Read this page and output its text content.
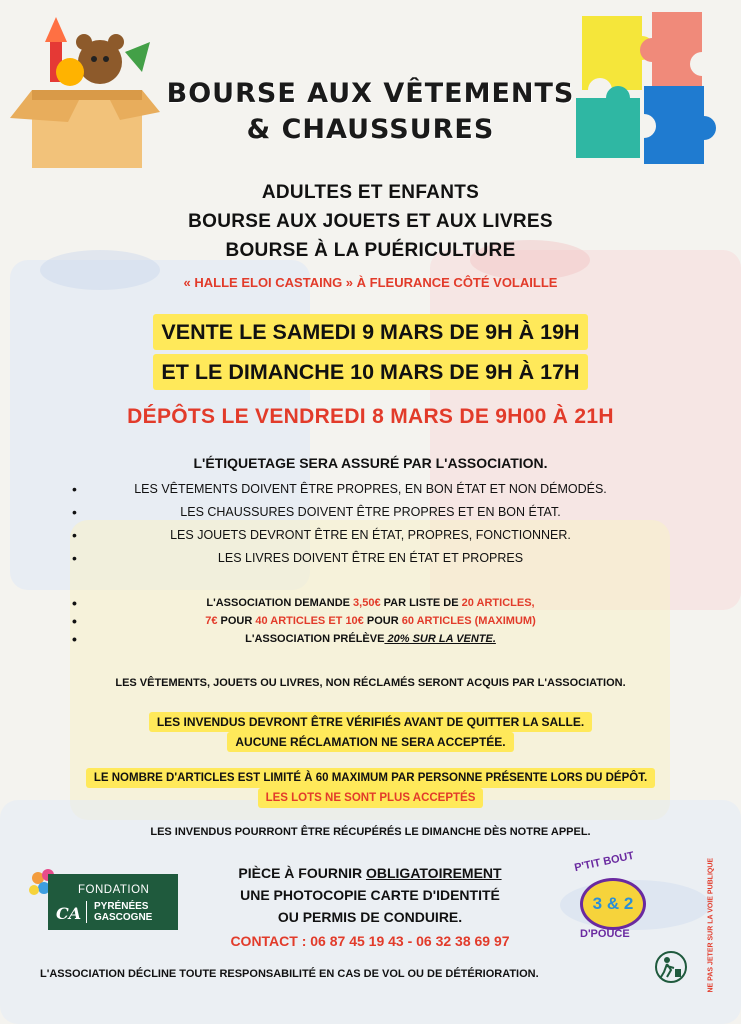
BOURSE AUX VÊTEMENTS
& CHAUSSURES
ADULTES ET ENFANTS
BOURSE AUX JOUETS ET AUX LIVRES
BOURSE À LA PUÉRICULTURE
« HALLE ELOI CASTAING » À FLEURANCE CÔTÉ VOLAILLE
VENTE LE SAMEDI 9 MARS DE 9H À 19H
ET LE DIMANCHE 10 MARS DE 9H À 17H
DÉPÔTS LE VENDREDI 8 MARS DE 9H00 À 21H
L'ÉTIQUETAGE SERA ASSURÉ PAR L'ASSOCIATION.
•	LES VÊTEMENTS DOIVENT ÊTRE PROPRES, EN BON ÉTAT ET NON DÉMODÉS.
•	LES CHAUSSURES DOIVENT ÊTRE PROPRES ET EN BON ÉTAT.
•	LES JOUETS DEVRONT ÊTRE EN ÉTAT, PROPRES, FONCTIONNER.
•	LES LIVRES DOIVENT ÊTRE EN ÉTAT ET PROPRES
•	L'ASSOCIATION DEMANDE 3,50€ PAR LISTE DE 20 ARTICLES,
•	7€ POUR 40 ARTICLES ET 10€ POUR 60 ARTICLES (MAXIMUM)
•	L'ASSOCIATION PRÉLÈVE 20% SUR LA VENTE.
LES VÊTEMENTS, JOUETS OU LIVRES, NON RÉCLAMÉS SERONT ACQUIS PAR L'ASSOCIATION.
LES INVENDUS DEVRONT ÊTRE VÉRIFIÉS AVANT DE QUITTER LA SALLE.
AUCUNE RÉCLAMATION NE SERA ACCEPTÉE.
LE NOMBRE D'ARTICLES EST LIMITÉ À 60 MAXIMUM PAR PERSONNE PRÉSENTE LORS DU DÉPÔT.
LES LOTS NE SONT PLUS ACCEPTÉS
LES INVENDUS POURRONT ÊTRE RÉCUPÉRÉS LE DIMANCHE DÈS NOTRE APPEL.
FONDATION
CA PYRÉNÉES
GASCOGNE
PIÈCE À FOURNIR OBLIGATOIREMENT
UNE PHOTOCOPIE CARTE D'IDENTITÉ
OU PERMIS DE CONDUIRE.
CONTACT : 06 87 45 19 43 - 06 32 38 69 97
P'TIT BOUT
3 & 2
D'POUCE	NE PAS JETER SUR LA VOIE PUBLIQUE
L'ASSOCIATION DÉCLINE TOUTE RESPONSABILITÉ EN CAS DE VOL OU DE DÉTÉRIORATION.
